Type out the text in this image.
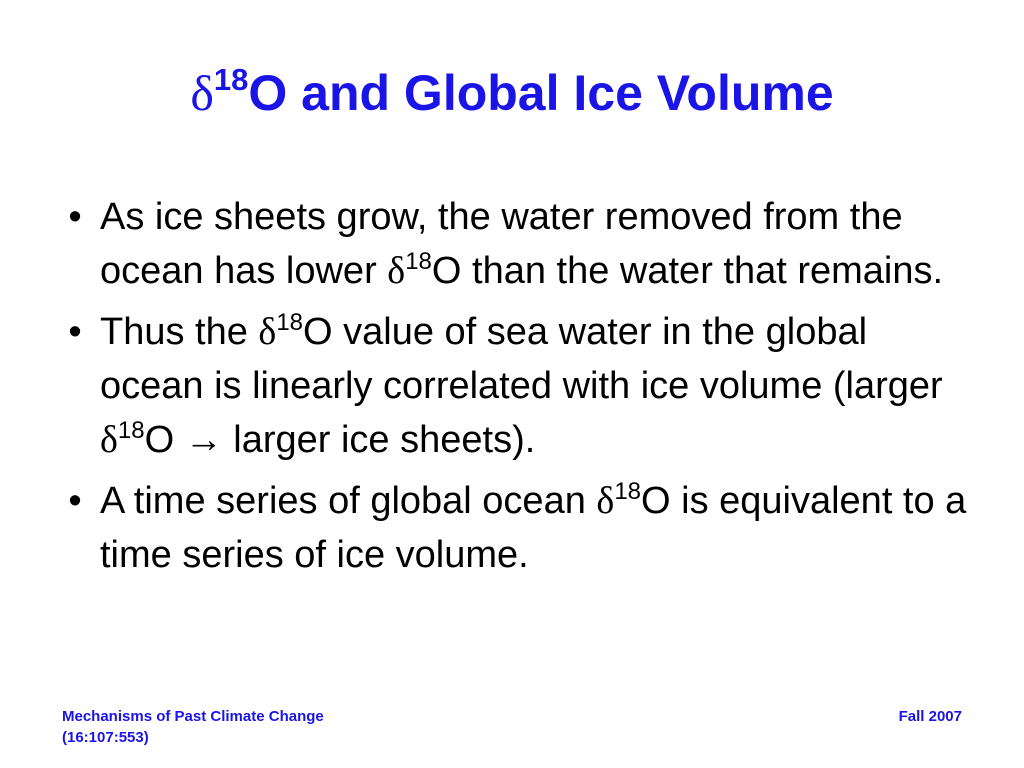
$\delta^{18}O$ and Global Ice Volume
• As ice sheets grow, the water removed from the ocean has lower $\delta^{18}O$ than the water that remains.
• Thus the $\delta^{18}O$ value of sea water in the global ocean is linearly correlated with ice volume (larger $\delta^{18}O$ → larger ice sheets).
• A time series of global ocean $\delta^{18}O$ is equivalent to a time series of ice volume.
Mechanisms of Past Climate Change
(16:107:553)
Fall 2007
